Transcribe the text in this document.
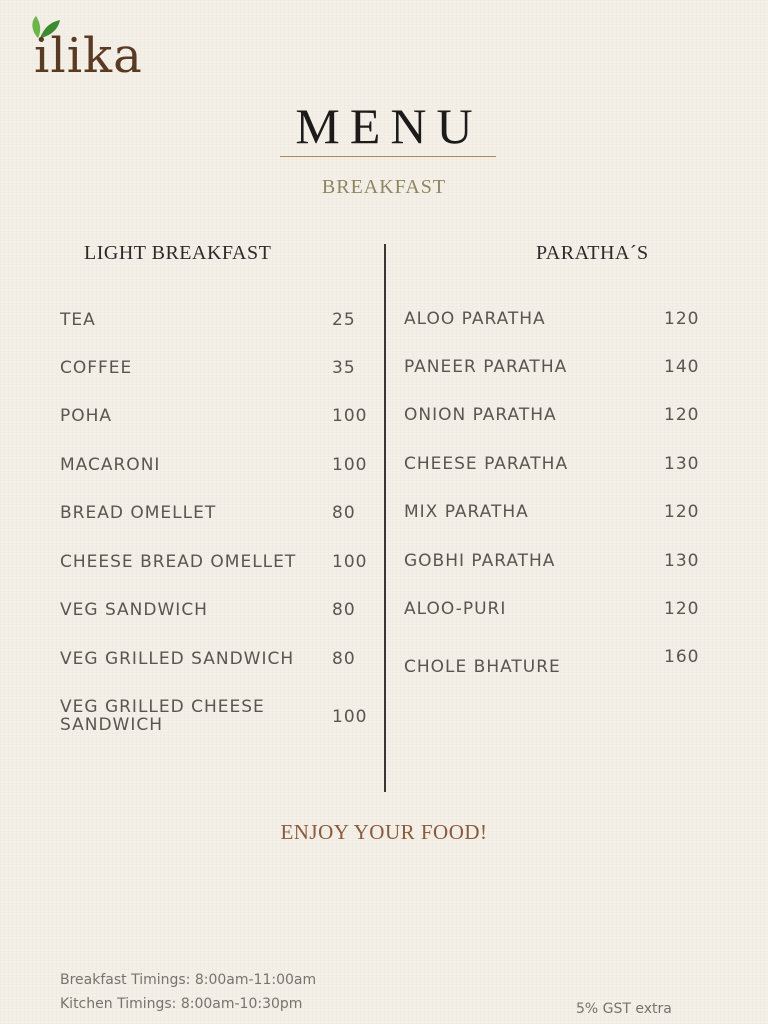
ilika
MENU
BREAKFAST
LIGHT BREAKFAST	PARATHA´S
TEA	25
COFFEE	35
POHA	100
MACARONI	100
BREAD OMELLET	80
CHEESE BREAD OMELLET 100
VEG SANDWICH	80
VEG GRILLED SANDWICH 80
VEG GRILLED CHEESE
SANDWICH	100
ALOO PARATHA	120
PANEER PARATHA	140
ONION PARATHA	120
CHEESE PARATHA	130
MIX PARATHA	120
GOBHI PARATHA	130
ALOO-PURI	120
CHOLE BHATURE	160
ENJOY YOUR FOOD!
Breakfast Timings: 8:00am-11:00am
Kitchen Timings: 8:00am-10:30pm	5% GST extra
